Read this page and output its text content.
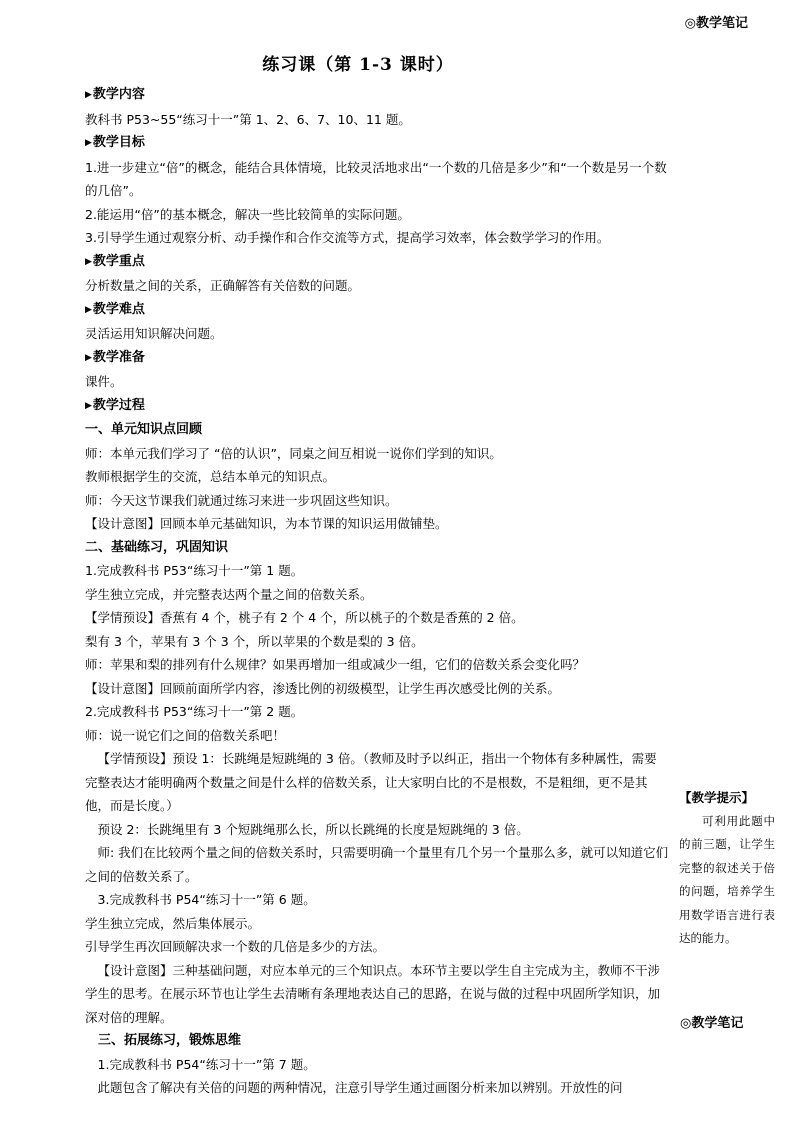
◎教学笔记
练习课（第 1-3 课时）

▶教学内容

教科书 P53~55“练习十一”第 1、2、6、7、10、11 题。

▶教学目标

1.进一步建立“倍”的概念，能结合具体情境，比较灵活地求出“一个数的几倍是多少”和“一个数是另一个数的几倍”。

2.能运用“倍”的基本概念，解决一些比较简单的实际问题。

3.引导学生通过观察分析、动手操作和合作交流等方式，提高学习效率，体会数学学习的作用。

▶教学重点

分析数量之间的关系，正确解答有关倍数的问题。

▶教学难点

灵活运用知识解决问题。

▶教学准备

课件。

▶教学过程

一、单元知识点回顾

师：本单元我们学习了 “倍的认识”，同桌之间互相说一说你们学到的知识。

教师根据学生的交流，总结本单元的知识点。

师：今天这节课我们就通过练习来进一步巩固这些知识。

【设计意图】回顾本单元基础知识，为本节课的知识运用做铺垫。

二、基础练习，巩固知识

1.完成教科书 P53“练习十一”第 1 题。

学生独立完成，并完整表达两个量之间的倍数关系。

【学情预设】香蕉有 4 个，桃子有 2 个 4 个，所以桃子的个数是香蕉的 2 倍。

梨有 3 个，苹果有 3 个 3 个，所以苹果的个数是梨的 3 倍。

师：苹果和梨的排列有什么规律？如果再增加一组或减少一组，它们的倍数关系会变化吗？

【设计意图】回顾前面所学内容，渗透比例的初级模型，让学生再次感受比例的关系。

2.完成教科书 P53“练习十一”第 2 题。

师：说一说它们之间的倍数关系吧！

【学情预设】预设 1：长跳绳是短跳绳的 3 倍。（教师及时予以纠正，指出一个物体有多种属性，需要完整表达才能明确两个数量之间是什么样的倍数关系，让大家明白比的不是根数，不是粗细，更不是其他，而是长度。）

预设 2：长跳绳里有 3 个短跳绳那么长，所以长跳绳的长度是短跳绳的 3 倍。

师: 我们在比较两个量之间的倍数关系时，只需要明确一个量里有几个另一个量那么多，就可以知道它们之间的倍数关系了。

3.完成教科书 P54“练习十一”第 6 题。

学生独立完成，然后集体展示。

引导学生再次回顾解决求一个数的几倍是多少的方法。

【设计意图】三种基础问题，对应本单元的三个知识点。本环节主要以学生自主完成为主，教师不干涉学生的思考。在展示环节也让学生去清晰有条理地表达自己的思路，在说与做的过程中巩固所学知识，加深对倍的理解。

三、拓展练习，锻炼思维

1.完成教科书 P54“练习十一”第 7 题。

此题包含了解决有关倍的问题的两种情况，注意引导学生通过画图分析来加以辨别。开放性的问

【教学提示】

可利用此题中的前三题，让学生完整的叙述关于倍的问题，培养学生用数学语言进行表达的能力。

◎教学笔记
